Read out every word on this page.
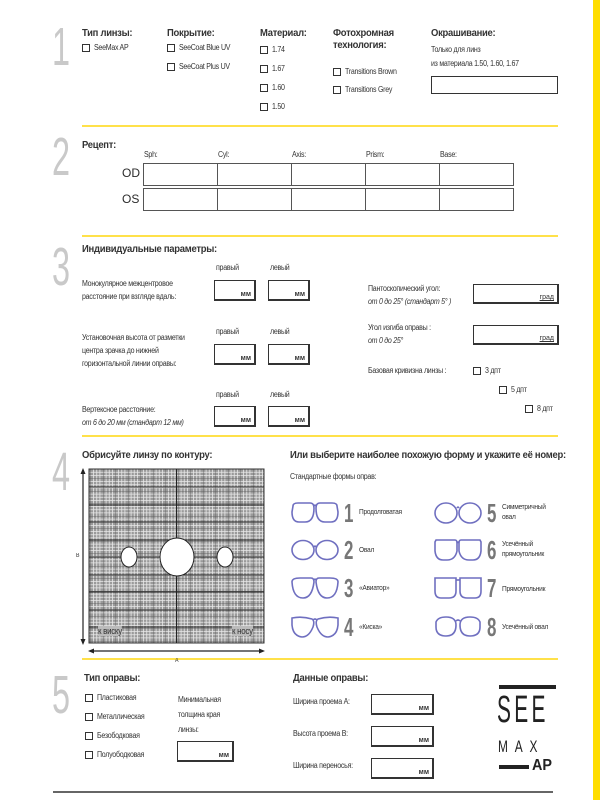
1 Тип линзы:
SeeMax AP
Покрытие:
SeeCoat Blue UV
SeeCoat Plus UV
Материал:
1.74
1.67
1.60
1.50
Фотохромная
технология:
Transitions Brown
Transitions Grey
Окрашивание:
Только для линз
из материала 1.50, 1.60, 1.67
2 Рецепт:
Sph:	Cyl:	Axis:	Prism:	Base:
OD
OS

3 Индивидуальные параметры:
правый	левый
Монокулярное межцентровое
расстояние при взгляде вдаль:	мм	мм
правый	левый
Установочная высота от разметки
центра зрачка до нижней
горизонтальной линии оправы:
мм	мм
правый	левый
Вертексное расстояние:
от 6 до 20 мм (стандарт 12 мм)	мм	мм
Пантоскопический угол:
от 0 до 25° (стандарт 5° )	град
Угол изгиба оправы :
от 0 до 25°	град
Базовая кривизна линзы :	3 дпт
5 дпт
8 дпт
4 Обрисуйте линзу по контуру:
B
A
к виску	к носу
Или выберите наиболее похожую форму и укажите её номер:
Стандартные формы оправ:
1 Продолговатая
2 Овал
3 «Авиатор»
4 «Киска»
5 Симметричный
овал
6 Усечённый
прямоугольник
7 Прямоугольник
8 Усечённый овал
5 Тип оправы:
Пластиковая
Металлическая
Безободковая
Полуободковая
Минимальная
толщина края
линзы:
мм
Данные оправы:
Ширина проема A:
мм
Высота проема B:
мм
Ширина переносья:
мм
SEE
M A X
AP
